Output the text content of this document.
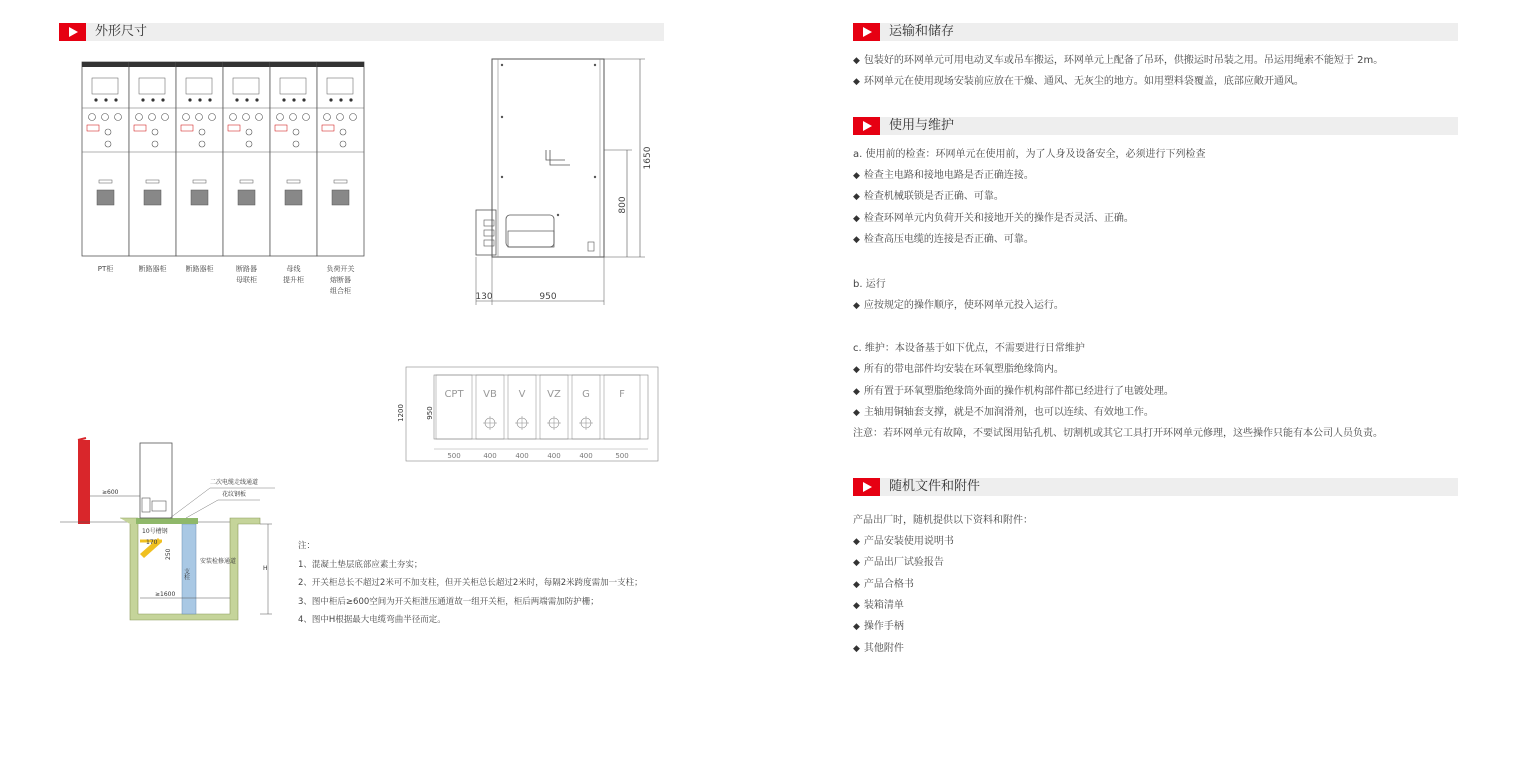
外形尺寸
PT柜	断路器柜	断路器柜	断路器
母联柜
母线
提升柜
负荷开关
熔断器
组合柜
1650
800
130	950
CPT
500
VB
400
V
400
VZ
400
G
400
F
500
1200	950
二次电缆走线通道
花纹钢板
≥600
10号槽钢
170
250
支柱
安装检修通道
≥1600
H
注：
1、混凝土垫层底部应素土夯实；
2、开关柜总长不超过2米可不加支柱，但开关柜总长超过2米时，每隔2米跨度需加一支柱；
3、图中柜后≥600空间为开关柜泄压通道故一组开关柜，柜后两端需加防护栅；
4、图中H根据最大电缆弯曲半径而定。
运输和储存
◆ 包装好的环网单元可用电动叉车或吊车搬运，环网单元上配备了吊环，供搬运时吊装之用。吊运用绳索不能短于 2m。
◆ 环网单元在使用现场安装前应放在干燥、通风、无灰尘的地方。如用塑料袋覆盖，底部应敞开通风。
使用与维护
a. 使用前的检查：环网单元在使用前，为了人身及设备安全，必须进行下列检查
◆ 检查主电路和接地电路是否正确连接。
◆ 检查机械联锁是否正确、可靠。
◆ 检查环网单元内负荷开关和接地开关的操作是否灵活、正确。
◆ 检查高压电缆的连接是否正确、可靠。
b. 运行
◆ 应按规定的操作顺序，使环网单元投入运行。
c. 维护：本设备基于如下优点，不需要进行日常维护
◆ 所有的带电部件均安装在环氧塑脂绝缘筒内。
◆ 所有置于环氧塑脂绝缘筒外面的操作机构部件都已经进行了电镀处理。
◆ 主轴用铜轴套支撑，就是不加润滑剂，也可以连续、有效地工作。
注意：若环网单元有故障，不要试图用钻孔机、切割机或其它工具打开环网单元修理，这些操作只能有本公司人员负责。
随机文件和附件
产品出厂时，随机提供以下资料和附件：
◆ 产品安装使用说明书
◆ 产品出厂试验报告
◆ 产品合格书
◆ 装箱清单
◆ 操作手柄
◆ 其他附件
